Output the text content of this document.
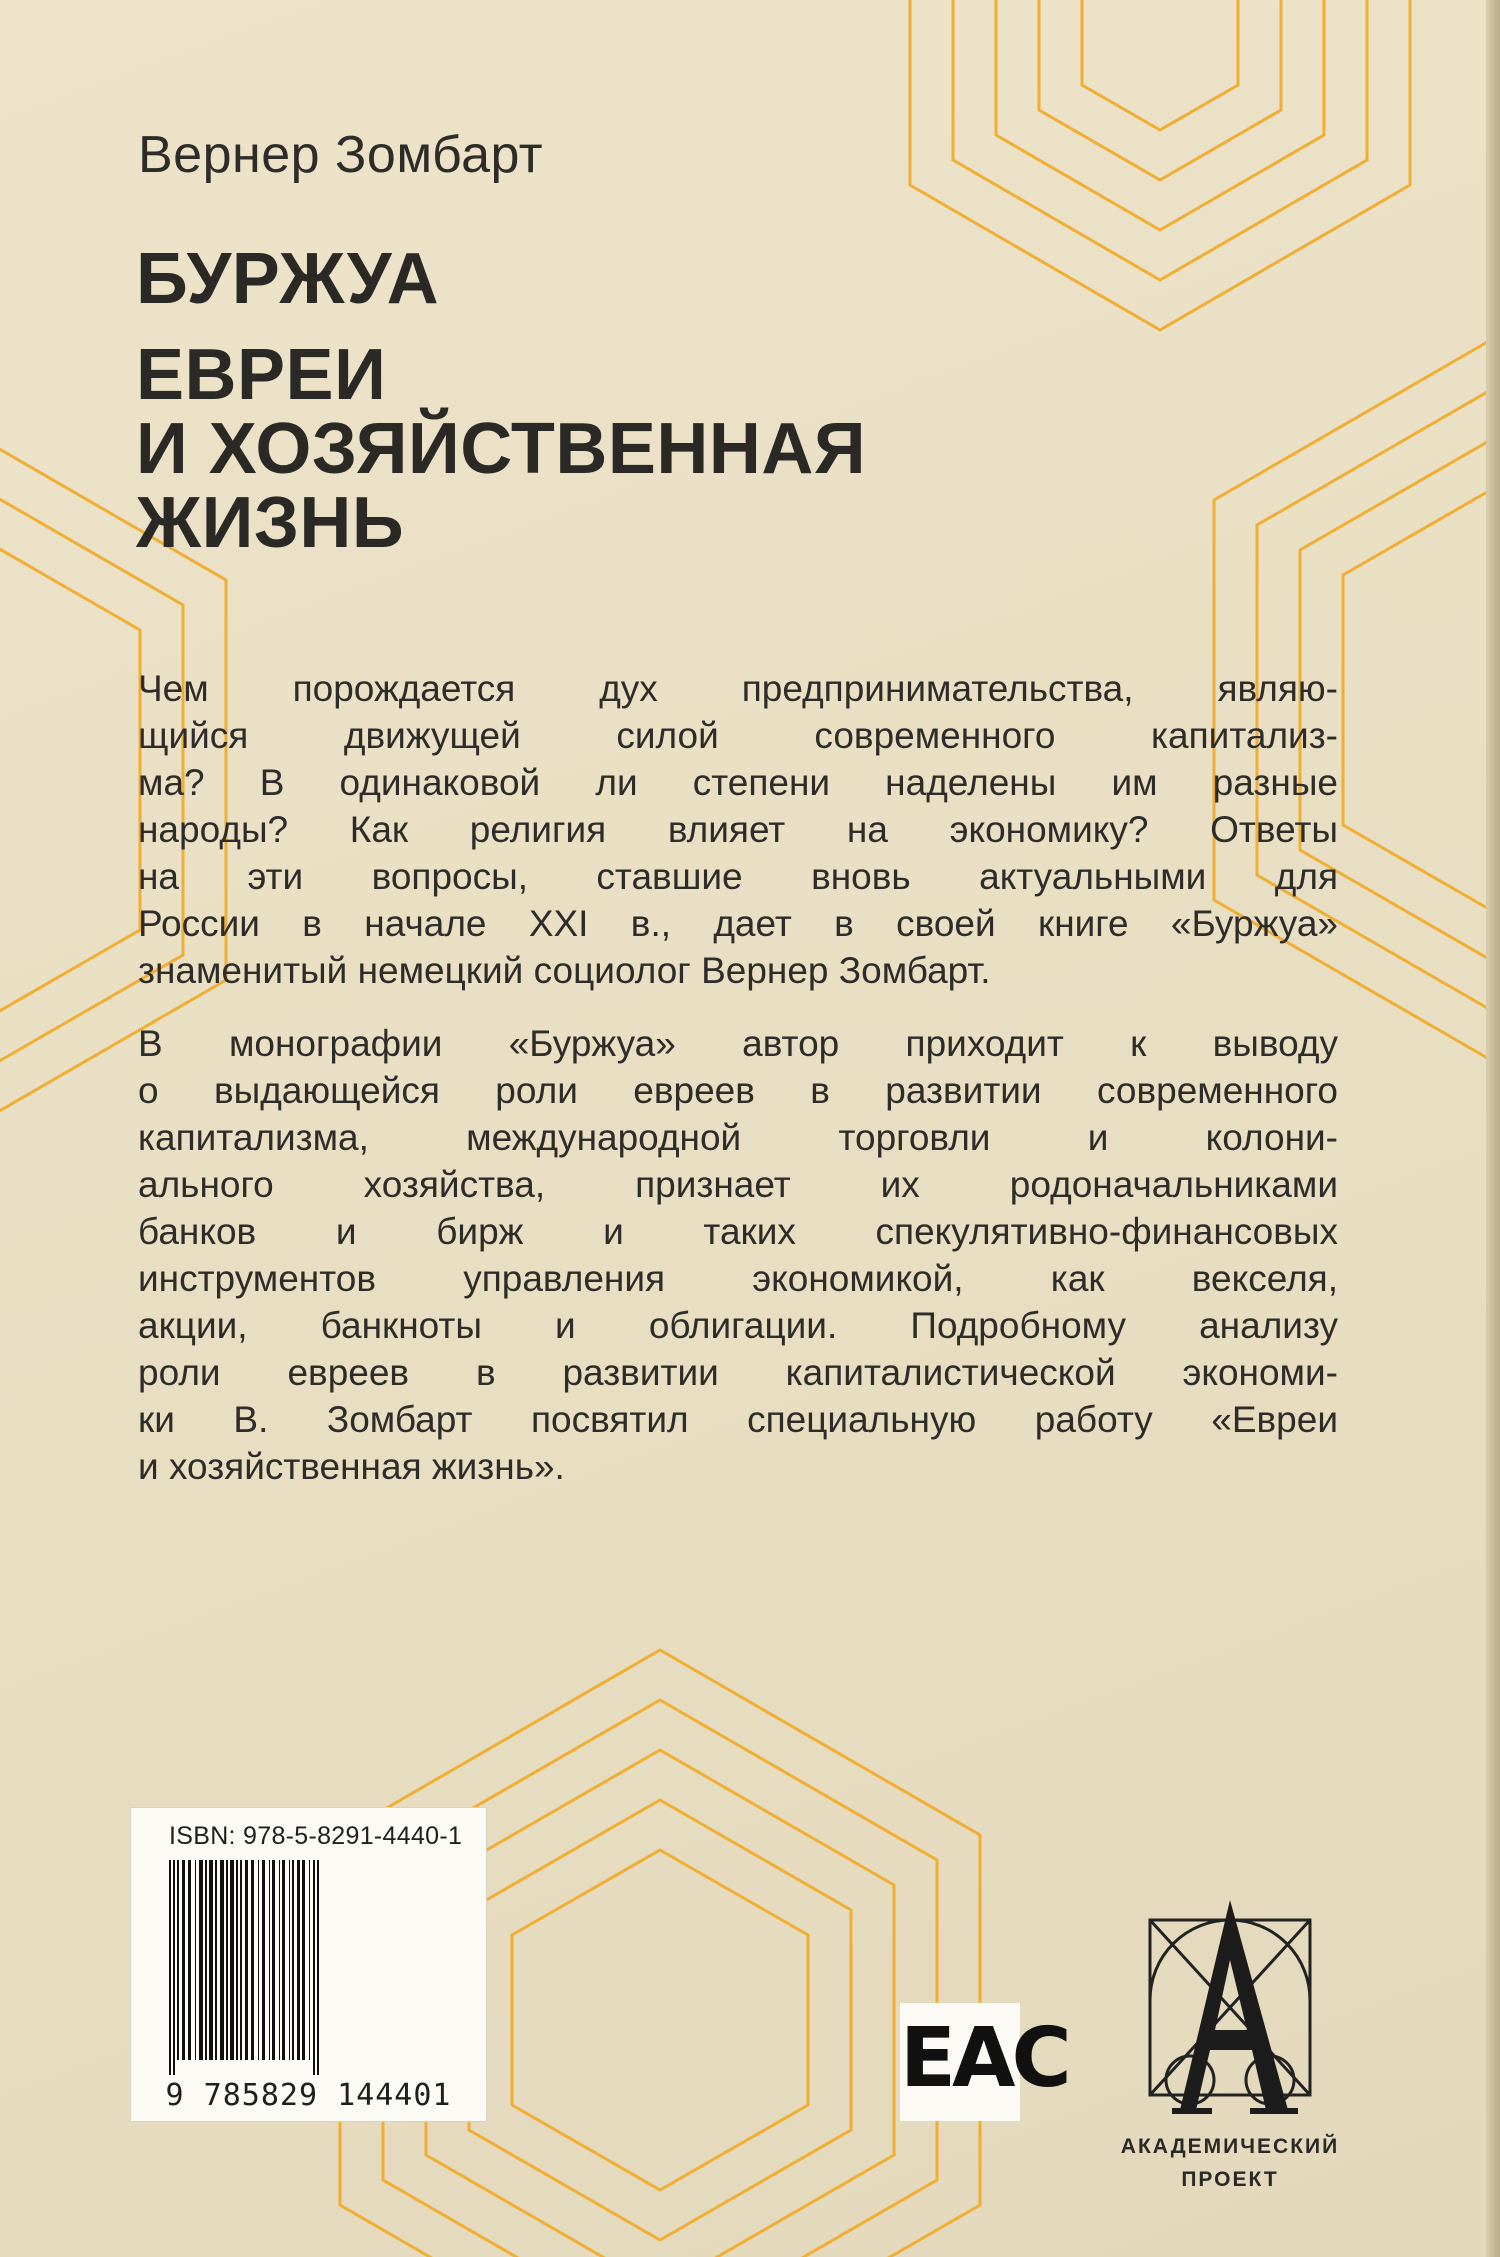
Вернер Зомбарт
БУРЖУА
ЕВРЕИ
И ХОЗЯЙСТВЕННАЯ
ЖИЗНЬ
Чем порождается дух предпринимательства, являю-
щийся движущей силой современного капитализ-
ма? В одинаковой ли степени наделены им разные
народы? Как религия влияет на экономику? Ответы
на эти вопросы, ставшие вновь актуальными для
России в начале XXI в., дает в своей книге «Буржуа»
знаменитый немецкий социолог Вернер Зомбарт.
В монографии «Буржуа» автор приходит к выводу
о выдающейся роли евреев в развитии современного
капитализма, международной торговли и колони-
ального хозяйства, признает их родоначальниками
банков и бирж и таких спекулятивно-финансовых
инструментов управления экономикой, как векселя,
акции, банкноты и облигации. Подробному анализу
роли евреев в развитии капиталистической экономи-
ки В. Зомбарт посвятил специальную работу «Евреи
и хозяйственная жизнь».
ISBN: 978-5-8291-4440-1
9 785829 144401	EAC
АКАДЕМИЧЕСКИЙ
ПРОЕКТ
